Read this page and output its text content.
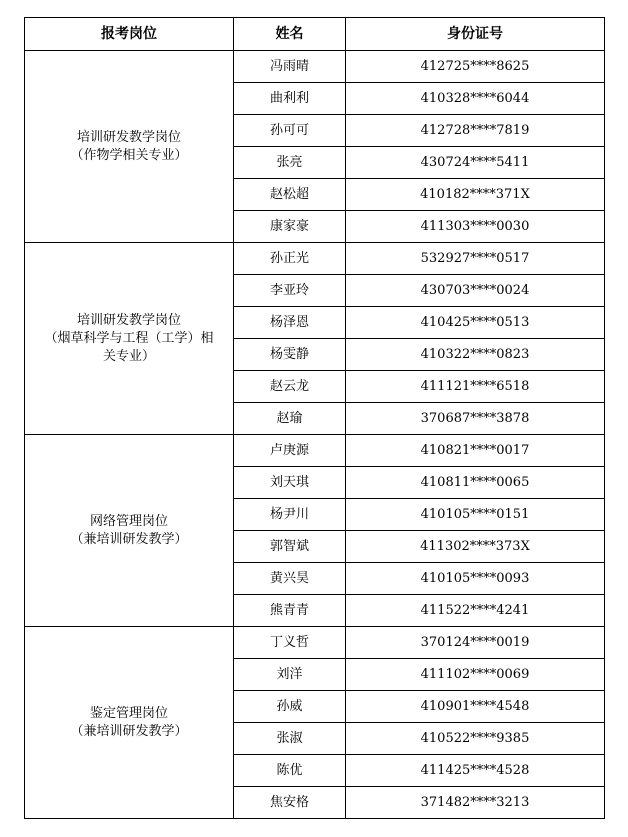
报考岗位	姓名	身份证号

培训研发教学岗位
（作物学相关专业）	冯雨晴	412725****8625
	曲利利	410328****6044
	孙可可	412728****7819
	张亮	430724****5411
	赵松超	410182****371X
	康家豪	411303****0030

培训研发教学岗位
（烟草科学与工程（工学）相
关专业）	孙正光	532927****0517
	李亚玲	430703****0024
	杨泽恩	410425****0513
	杨雯静	410322****0823
	赵云龙	411121****6518
	赵瑜	370687****3878

网络管理岗位
（兼培训研发教学）	卢庚源	410821****0017
	刘天琪	410811****0065
	杨尹川	410105****0151
	郭智斌	411302****373X
	黄兴昊	410105****0093
	熊青青	411522****4241

鉴定管理岗位
（兼培训研发教学）	丁义哲	370124****0019
	刘洋	411102****0069
	孙威	410901****4548
	张淑	410522****9385
	陈优	411425****4528
	焦安格	371482****3213
